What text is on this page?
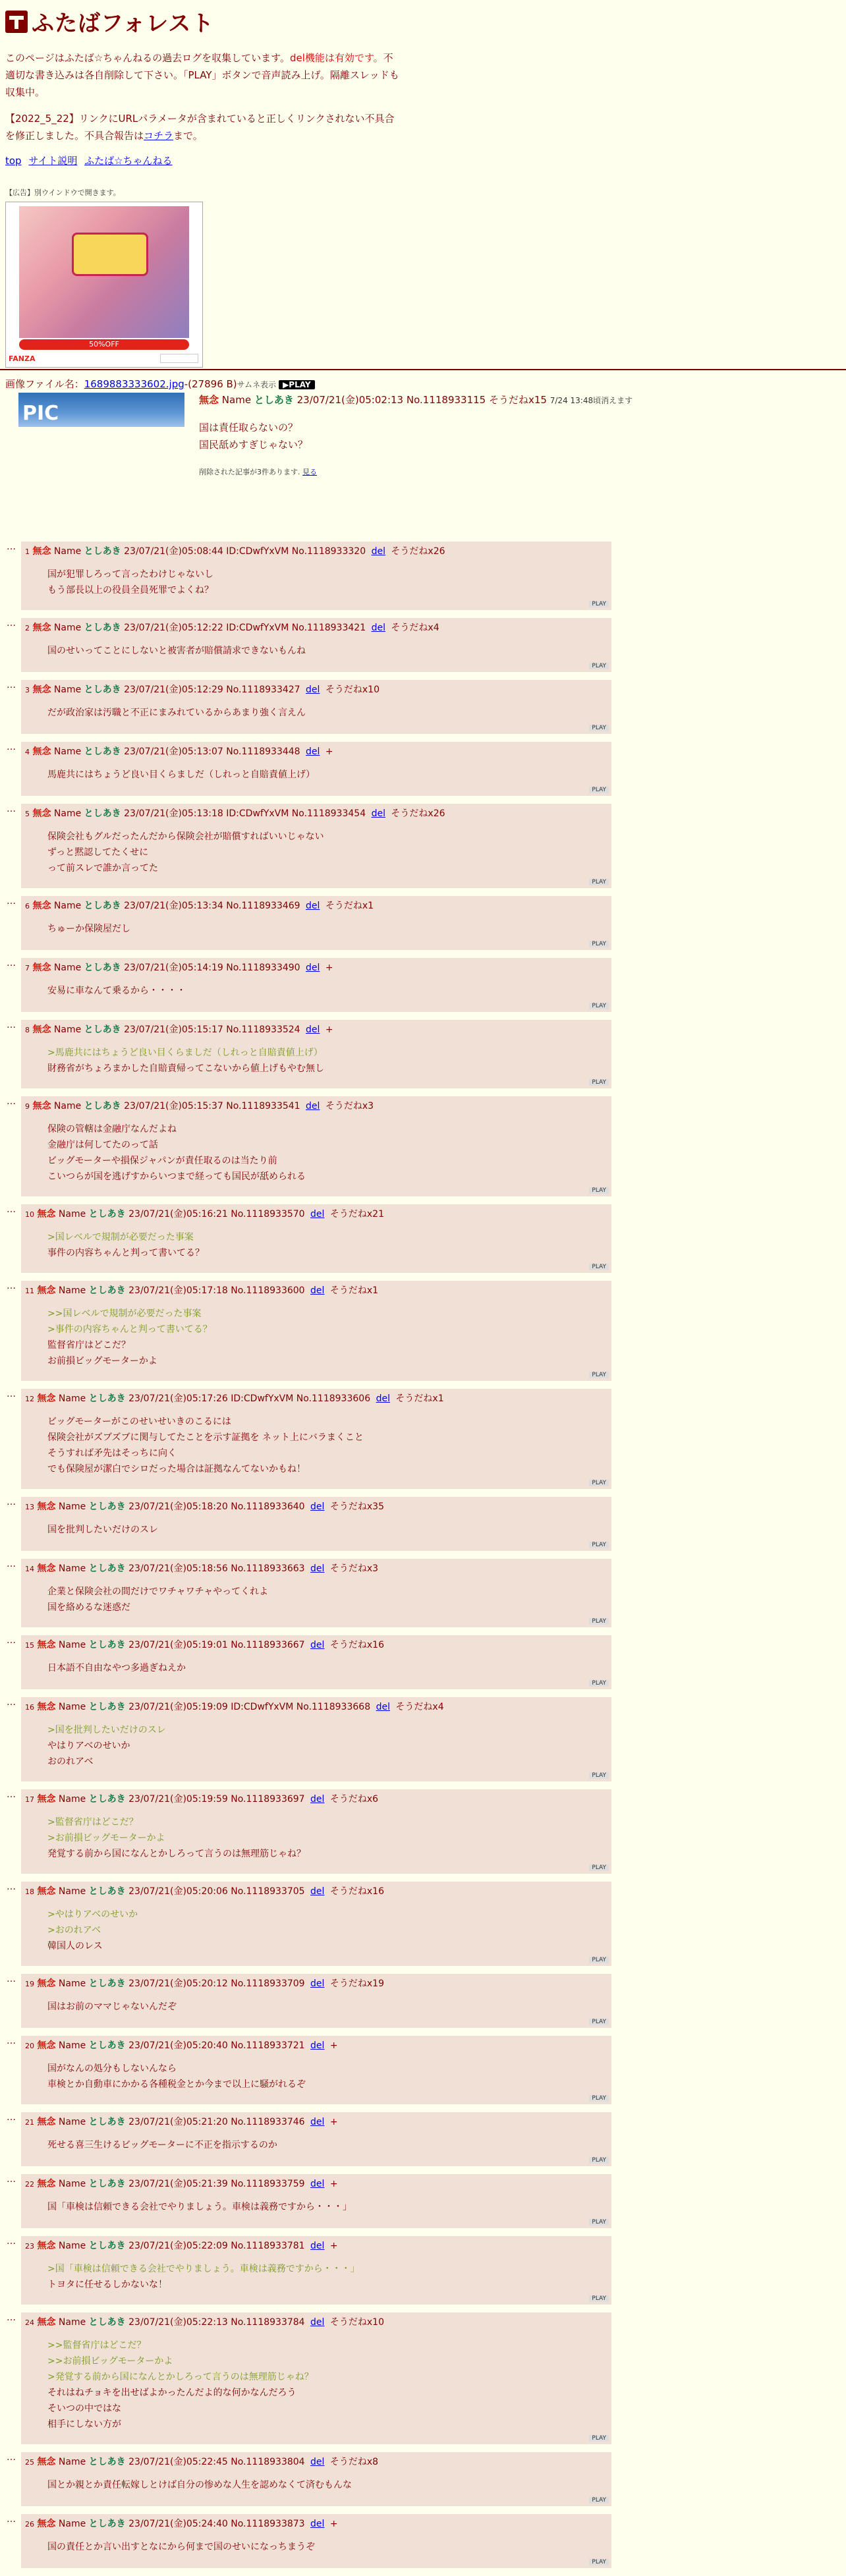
ふたばフォレスト
このページはふたば☆ちゃんねるの過去ログを収集しています。del機能は有効です。不適切な書き込みは各自削除して下さい。「PLAY」ボタンで音声読み上げ。隔離スレッドも収集中。
【2022_5_22】リンクにURLパラメータが含まれていると正しくリンクされない不具合を修正しました。不具合報告はコチラまで。
top サイト説明 ふたば☆ちゃんねる
【広告】別ウインドウで開きます。
50%OFF
FANZA
画像ファイル名：1689883333602.jpg-(27896 B)サムネ表示 ▶PLAY
PIC
無念 Name としあき 23/07/21(金)05:02:13 No.1118933115 そうだねx15 7/24 13:48頃消えます
国は責任取らないの？
国民舐めすぎじゃない？
削除された記事が3件あります. 見る
… 1 無念 Name としあき 23/07/21(金)05:08:44 ID:CDwfYxVM No.1118933320 del そうだねx26
国が犯罪しろって言ったわけじゃないし
もう部長以上の役員全員死罪でよくね？
PLAY
… 2 無念 Name としあき 23/07/21(金)05:12:22 ID:CDwfYxVM No.1118933421 del そうだねx4
国のせいってことにしないと被害者が賠償請求できないもんね
PLAY
… 3 無念 Name としあき 23/07/21(金)05:12:29 No.1118933427 del そうだねx10
だが政治家は汚職と不正にまみれているからあまり強く言えん
PLAY
… 4 無念 Name としあき 23/07/21(金)05:13:07 No.1118933448 del +
馬鹿共にはちょうど良い目くらましだ（しれっと自賠責値上げ）
PLAY
… 5 無念 Name としあき 23/07/21(金)05:13:18 ID:CDwfYxVM No.1118933454 del そうだねx26
保険会社もグルだったんだから保険会社が賠償すればいいじゃない
ずっと黙認してたくせに
って前スレで誰か言ってた
PLAY
… 6 無念 Name としあき 23/07/21(金)05:13:34 No.1118933469 del そうだねx1
ちゅーか保険屋だし
PLAY
… 7 無念 Name としあき 23/07/21(金)05:14:19 No.1118933490 del +
安易に車なんて乗るから・・・・
PLAY
… 8 無念 Name としあき 23/07/21(金)05:15:17 No.1118933524 del +
>馬鹿共にはちょうど良い目くらましだ（しれっと自賠責値上げ）
財務省がちょろまかした自賠責帰ってこないから値上げもやむ無し
PLAY
… 9 無念 Name としあき 23/07/21(金)05:15:37 No.1118933541 del そうだねx3
保険の管轄は金融庁なんだよね
金融庁は何してたのって話
ビッグモーターや損保ジャパンが責任取るのは当たり前
こいつらが国を逃げすからいつまで経っても国民が舐められる
PLAY
… 10 無念 Name としあき 23/07/21(金)05:16:21 No.1118933570 del そうだねx21
>国レベルで規制が必要だった事案
事件の内容ちゃんと判って書いてる？
PLAY
… 11 無念 Name としあき 23/07/21(金)05:17:18 No.1118933600 del そうだねx1
>>国レベルで規制が必要だった事案
>事件の内容ちゃんと判って書いてる？
監督省庁はどこだ？
お前損ビッグモーターかよ
PLAY
… 12 無念 Name としあき 23/07/21(金)05:17:26 ID:CDwfYxVM No.1118933606 del そうだねx1
ビッグモーターがこのせいせいきのこるには
保険会社がズブズブに関与してたことを示す証拠を ネット上にバラまくこと
そうすれば矛先はそっちに向く
でも保険屋が潔白でシロだった場合は証拠なんてないかもね！
PLAY
… 13 無念 Name としあき 23/07/21(金)05:18:20 No.1118933640 del そうだねx35
国を批判したいだけのスレ
PLAY
… 14 無念 Name としあき 23/07/21(金)05:18:56 No.1118933663 del そうだねx3
企業と保険会社の間だけでワチャワチャやってくれよ
国を絡めるな迷惑だ
PLAY
… 15 無念 Name としあき 23/07/21(金)05:19:01 No.1118933667 del そうだねx16
日本語不自由なやつ多過ぎねえか
PLAY
… 16 無念 Name としあき 23/07/21(金)05:19:09 ID:CDwfYxVM No.1118933668 del そうだねx4
>国を批判したいだけのスレ
やはりアベのせいか
おのれアベ
PLAY
… 17 無念 Name としあき 23/07/21(金)05:19:59 No.1118933697 del そうだねx6
>監督省庁はどこだ？
>お前損ビッグモーターかよ
発覚する前から国になんとかしろって言うのは無理筋じゃね？
PLAY
… 18 無念 Name としあき 23/07/21(金)05:20:06 No.1118933705 del そうだねx16
>やはりアベのせいか
>おのれアベ
韓国人のレス
PLAY
… 19 無念 Name としあき 23/07/21(金)05:20:12 No.1118933709 del そうだねx19
国はお前のママじゃないんだぞ
PLAY
… 20 無念 Name としあき 23/07/21(金)05:20:40 No.1118933721 del +
国がなんの処分もしないんなら
車検とか自動車にかかる各種税金とか今まで以上に騒がれるぞ
PLAY
… 21 無念 Name としあき 23/07/21(金)05:21:20 No.1118933746 del +
死せる喜三生けるビッグモーターに不正を指示するのか
PLAY
… 22 無念 Name としあき 23/07/21(金)05:21:39 No.1118933759 del +
国「車検は信頼できる会社でやりましょう。車検は義務ですから・・・」
PLAY
… 23 無念 Name としあき 23/07/21(金)05:22:09 No.1118933781 del +
>国「車検は信頼できる会社でやりましょう。車検は義務ですから・・・」
トヨタに任せるしかないな！
PLAY
… 24 無念 Name としあき 23/07/21(金)05:22:13 No.1118933784 del そうだねx10
>>監督省庁はどこだ？
>>お前損ビッグモーターかよ
>発覚する前から国になんとかしろって言うのは無理筋じゃね？
それはねチョキを出せばよかったんだよ的な何かなんだろう
そいつの中ではな
相手にしない方が
PLAY
… 25 無念 Name としあき 23/07/21(金)05:22:45 No.1118933804 del そうだねx8
国とか親とか責任転嫁しとけば自分の惨めな人生を認めなくて済むもんな
PLAY
… 26 無念 Name としあき 23/07/21(金)05:24:40 No.1118933873 del +
国の責任とか言い出すとなにから何まで国のせいになっちまうぞ
PLAY
